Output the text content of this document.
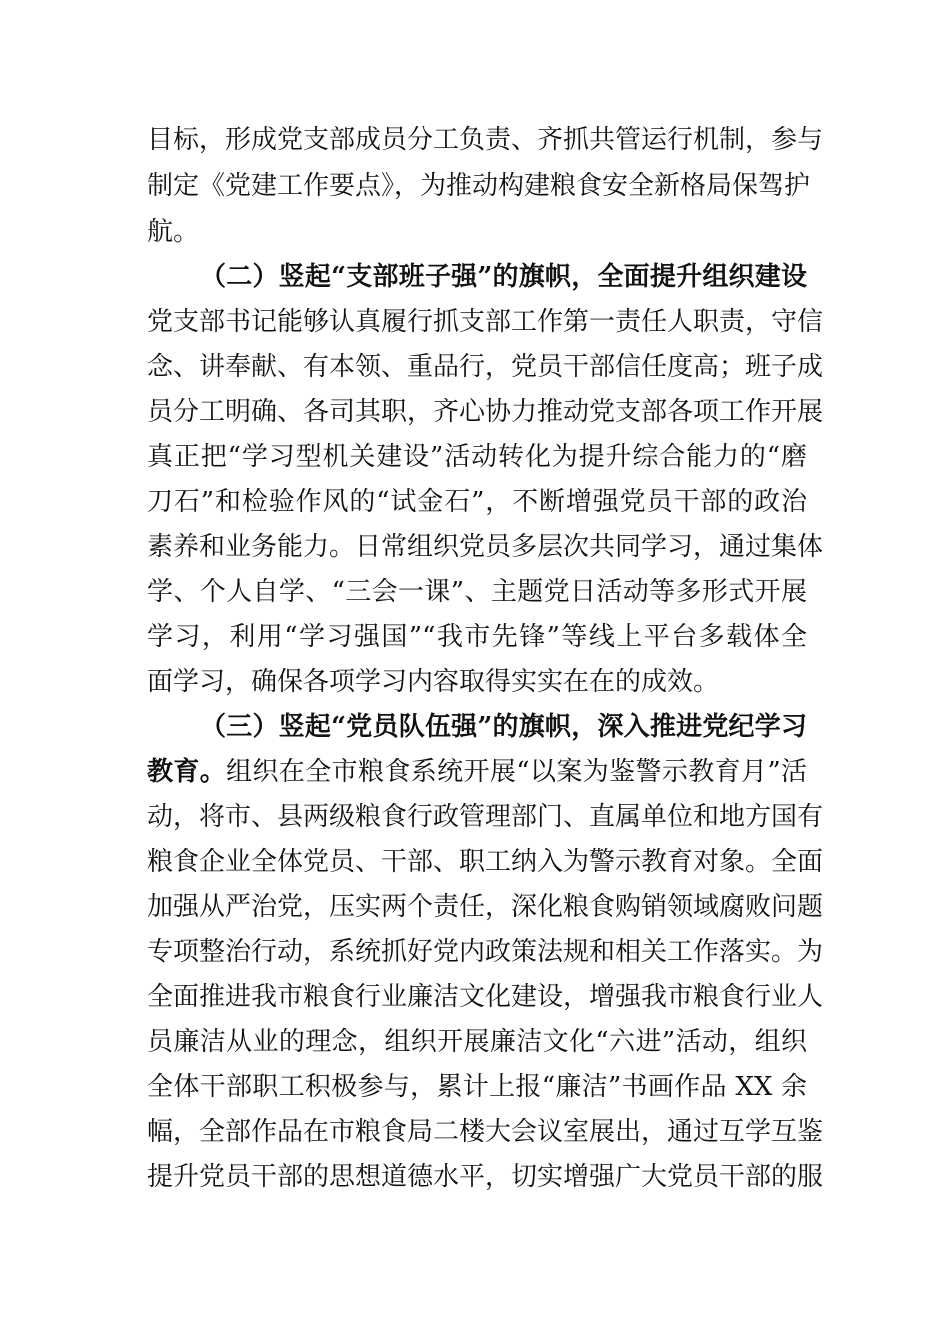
目标，形成党支部成员分工负责、齐抓共管运行机制，参与
制定《党建工作要点》，为推动构建粮食安全新格局保驾护
航。
（二）竖起“支部班子强”的旗帜，全面提升组织建设
党支部书记能够认真履行抓支部工作第一责任人职责，守信
念、讲奉献、有本领、重品行，党员干部信任度高；班子成
员分工明确、各司其职，齐心协力推动党支部各项工作开展
真正把“学习型机关建设”活动转化为提升综合能力的“磨
刀石”和检验作风的“试金石”，不断增强党员干部的政治
素养和业务能力。日常组织党员多层次共同学习，通过集体
学、个人自学、“三会一课”、主题党日活动等多形式开展
学习，利用“学习强国”“我市先锋”等线上平台多载体全
面学习，确保各项学习内容取得实实在在的成效。
（三）竖起“党员队伍强”的旗帜，深入推进党纪学习
教育。组织在全市粮食系统开展“以案为鉴警示教育月”活
动，将市、县两级粮食行政管理部门、直属单位和地方国有
粮食企业全体党员、干部、职工纳入为警示教育对象。全面
加强从严治党，压实两个责任，深化粮食购销领域腐败问题
专项整治行动，系统抓好党内政策法规和相关工作落实。为
全面推进我市粮食行业廉洁文化建设，增强我市粮食行业人
员廉洁从业的理念，组织开展廉洁文化“六进”活动，组织
全体干部职工积极参与，累计上报“廉洁”书画作品 XX 余
幅，全部作品在市粮食局二楼大会议室展出，通过互学互鉴
提升党员干部的思想道德水平，切实增强广大党员干部的服
